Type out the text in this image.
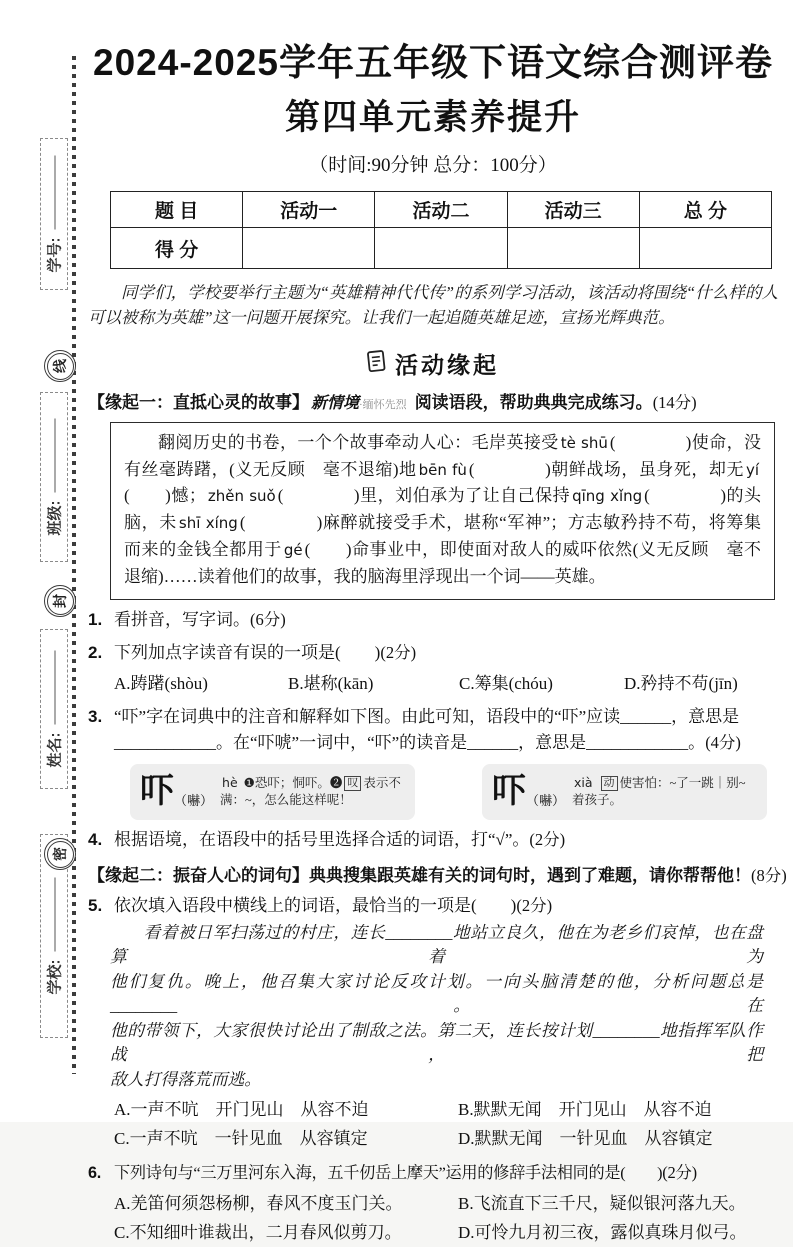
学号:
班级:
姓名:
学校:
线
封
密
2024-2025学年五年级下语文综合测评卷
第四单元素养提升
（时间:90分钟 总分：100分）
题 目	活动一	活动二	活动三	总 分
得 分				

同学们，学校要举行主题为“英雄精神代代传”的系列学习活动，该活动将围绕“什么样的人可以被称为英雄”这一问题开展探究。让我们一起追随英雄足迹，宣扬光辉典范。

活动缘起
【缘起一：直抵心灵的故事】 新情境·缅怀先烈 阅读语段，帮助典典完成练习。(14分)
翻阅历史的书卷，一个个故事牵动人心：毛岸英接受 tè shū (　　　　)使命，没
有丝毫踌躇，(义无反顾　毫不退缩)地 bēn fù (　　　　)朝鲜战场，虽身死，却无 yí
(　　)憾； zhěn suǒ (　　　　)里，刘伯承为了让自己保持 qīng xǐng (　　　　)的头
脑，未 shī xíng (　　　　)麻醉就接受手术，堪称“军神”；方志敏矜持不苟，将筹集
而来的金钱全都用于 gé (　　)命事业中，即使面对敌人的威吓 •依然(义无反顾　毫不
退缩)……读着他们的故事，我的脑海里浮现出一个词——英雄。
1. 看拼音，写字词。(6分)
2. 下列加点字读音有误的一项是(　　)(2分)
A.踌躇 •(shòu)	B.堪 •称(kān)	C.筹 •集(chóu)	D.矜 •持不苟(jīn)
3. “吓”字在词典中的注音和解释如下图。由此可知，语段中的“吓”应读______，意思是
____________。在“吓唬”一词中，“吓”的读音是______，意思是____________。(4分)
吓 （嚇）
hè ❶恐吓；恫吓。❷ 叹 表示不满：~，怎么能这样呢！	吓 （嚇）
xià 动 使害怕：~了一跳｜别~着孩子。
4. 根据语境，在语段中的括号里选择合适的词语，打“√”。(2分)
【缘起二：振奋人心的词句】典典搜集跟英雄有关的词句时，遇到了难题，请你帮帮他！(8分)
5. 依次填入语段中横线上的词语，最恰当的一项是(　　)(2分)
看着被日军扫荡过的村庄，连长________地站立良久，他在为老乡们哀悼，也在盘算着为
他们复仇。晚上，他召集大家讨论反攻计划。一向头脑清楚的他，分析问题总是________。在
他的带领下，大家很快讨论出了制敌之法。第二天，连长按计划________地指挥军队作战，把
敌人打得落荒而逃。
A.一声不吭　开门见山　从容不迫	B.默默无闻　开门见山　从容不迫
C.一声不吭　一针见血　从容镇定	D.默默无闻　一针见血　从容镇定
6. 下列诗句与“三万里河东入海，五千仞岳上摩天”运用的修辞手法相同的是(　　)(2分)
A.羌笛何须怨杨柳，春风不度玉门关。	B.飞流直下三千尺，疑似银河落九天。
C.不知细叶谁裁出，二月春风似剪刀。	D.可怜九月初三夜，露似真珠月似弓。
